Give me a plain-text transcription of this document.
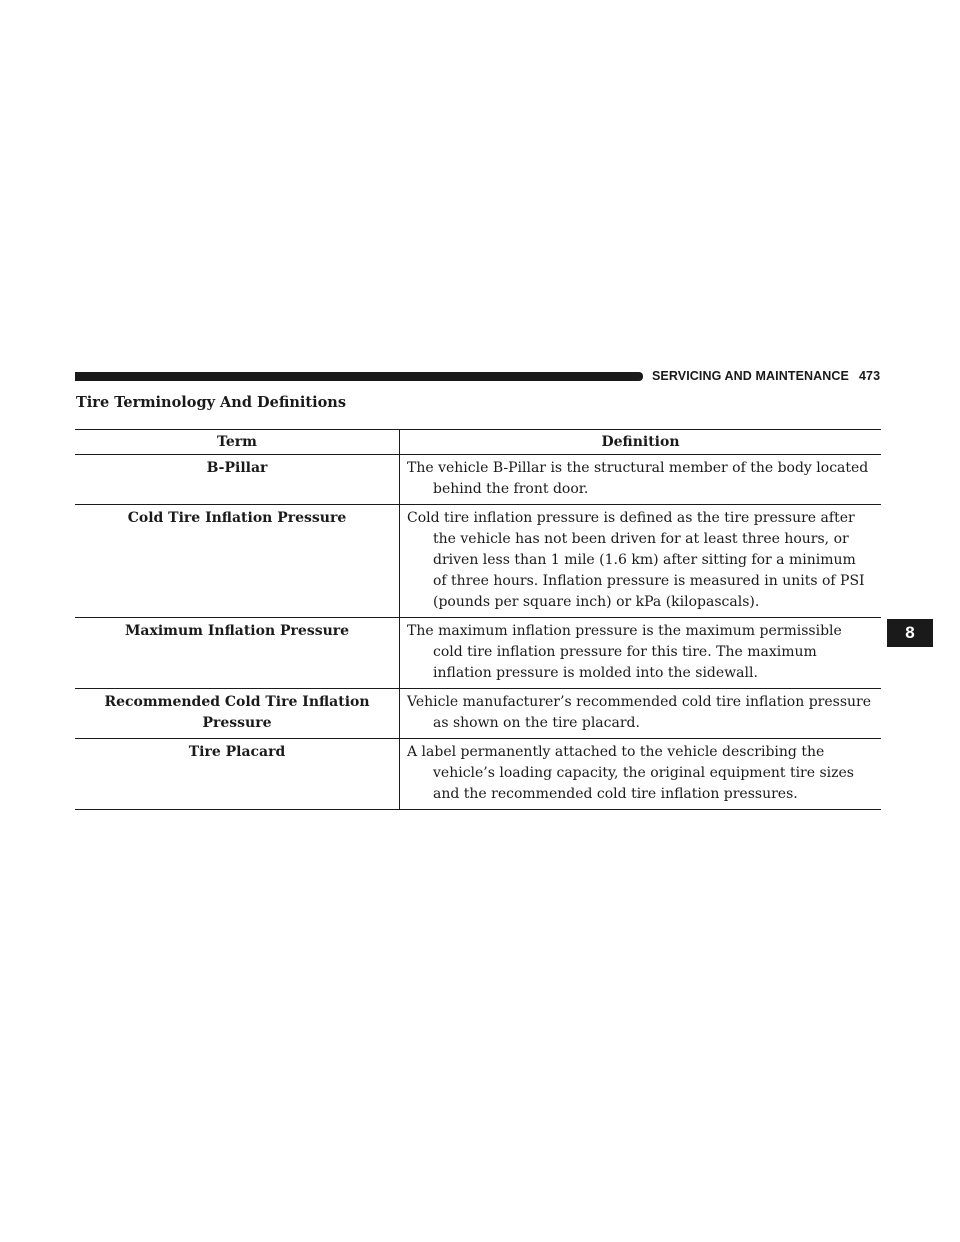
SERVICING AND MAINTENANCE 473
Tire Terminology And Definitions
Term	Definition
B-Pillar	The vehicle B-Pillar is the structural member of the body located behind the front door.

Cold Tire Inflation Pressure	Cold tire inflation pressure is defined as the tire pressure after the vehicle has not been driven for at least three hours, or driven less than 1 mile (1.6 km) after sitting for a minimum of three hours. Inflation pressure is measured in units of PSI (pounds per square inch) or kPa (kilopascals).

Maximum Inflation Pressure	The maximum inflation pressure is the maximum permissible cold tire inflation pressure for this tire. The maximum inflation pressure is molded into the sidewall.

Recommended Cold Tire Inflation Pressure	Vehicle manufacturer’s recommended cold tire inflation pressure as shown on the tire placard.

Tire Placard	A label permanently attached to the vehicle describing the vehicle’s loading capacity, the original equipment tire sizes and the recommended cold tire inflation pressures.
8
